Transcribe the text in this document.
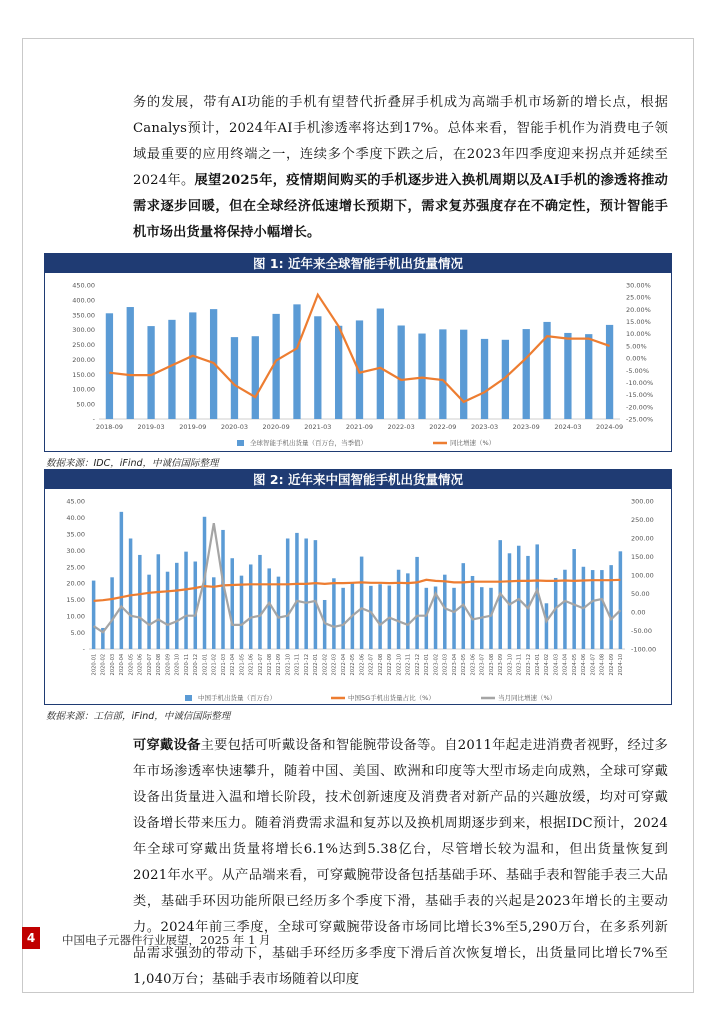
务的发展，带有AI功能的手机有望替代折叠屏手机成为高端手机市场新的增长点，根据Canalys预计，2024年AI手机渗透率将达到17%。总体来看，智能手机作为消费电子领域最重要的应用终端之一，连续多个季度下跌之后，在2023年四季度迎来拐点并延续至2024年。展望2025年，疫情期间购买的手机逐步进入换机周期以及AI手机的渗透将推动需求逐步回暖，但在全球经济低速增长预期下，需求复苏强度存在不确定性，预计智能手机市场出货量将保持小幅增长。
图 1: 近年来全球智能手机出货量情况
-
50.00
100.00
150.00
200.00
250.00
300.00
350.00
400.00
450.00
-25.00%
-20.00%
-15.00%
-10.00%
-5.00%
0.00%
5.00%
10.00%
15.00%
20.00%
25.00%
30.00%
2018-09 2019-03 2019-09 2020-03 2020-09 2021-03 2021-09 2022-03 2022-09 2023-03 2023-09 2024-03 2024-09
全球智能手机出货量（百万台，当季值）	同比增速（%）
数据来源：IDC，iFind，中诚信国际整理
图 2: 近年来中国智能手机出货量情况
-
5.00
10.00
15.00
20.00
25.00
30.00
35.00
40.00
45.00
-100.00
-50.00
0.00
50.00
100.00
150.00
200.00
250.00
300.00
2020-01 2020-02 2020-03 2020-04 2020-05 2020-06 2020-07 2020-08 2020-09 2020-10 2020-11 2020-12 2021-01 2021-02 2021-03 2021-04 2021-05 2021-06 2021-07 2021-08 2021-09 2021-10 2021-11 2021-12 2022-01 2022-02 2022-03 2022-04 2022-05 2022-06 2022-07 2022-08 2022-09 2022-10 2022-11 2022-12 2023-01 2023-02 2023-03 2023-04 2023-05 2023-06 2023-07 2023-08 2023-09 2023-10 2023-11 2023-12 2024-01 2024-02 2024-03 2024-04 2024-05 2024-06 2024-07 2024-08 2024-09 2024-10
中国手机出货量（百万台）	中国5G手机出货量占比（%）	当月同比增速（%）
数据来源：工信部，iFind，中诚信国际整理
可穿戴设备主要包括可听戴设备和智能腕带设备等。自2011年起走进消费者视野，经过多年市场渗透率快速攀升，随着中国、美国、欧洲和印度等大型市场走向成熟，全球可穿戴设备出货量进入温和增长阶段，技术创新速度及消费者对新产品的兴趣放缓，均对可穿戴设备增长带来压力。随着消费需求温和复苏以及换机周期逐步到来，根据IDC预计，2024年全球可穿戴出货量将增长6.1%达到5.38亿台，尽管增长较为温和，但出货量恢复到2021年水平。从产品端来看，可穿戴腕带设备包括基础手环、基础手表和智能手表三大品类，基础手环因功能所限已经历多个季度下滑，基础手表的兴起是2023年增长的主要动力。2024年前三季度，全球可穿戴腕带设备市场同比增长3%至5,290万台，在多系列新品需求强劲的带动下，基础手环经历多季度下滑后首次恢复增长，出货量同比增长7%至1,040万台；基础手表市场随着以印度
4	中国电子元器件行业展望，2025 年 1 月
